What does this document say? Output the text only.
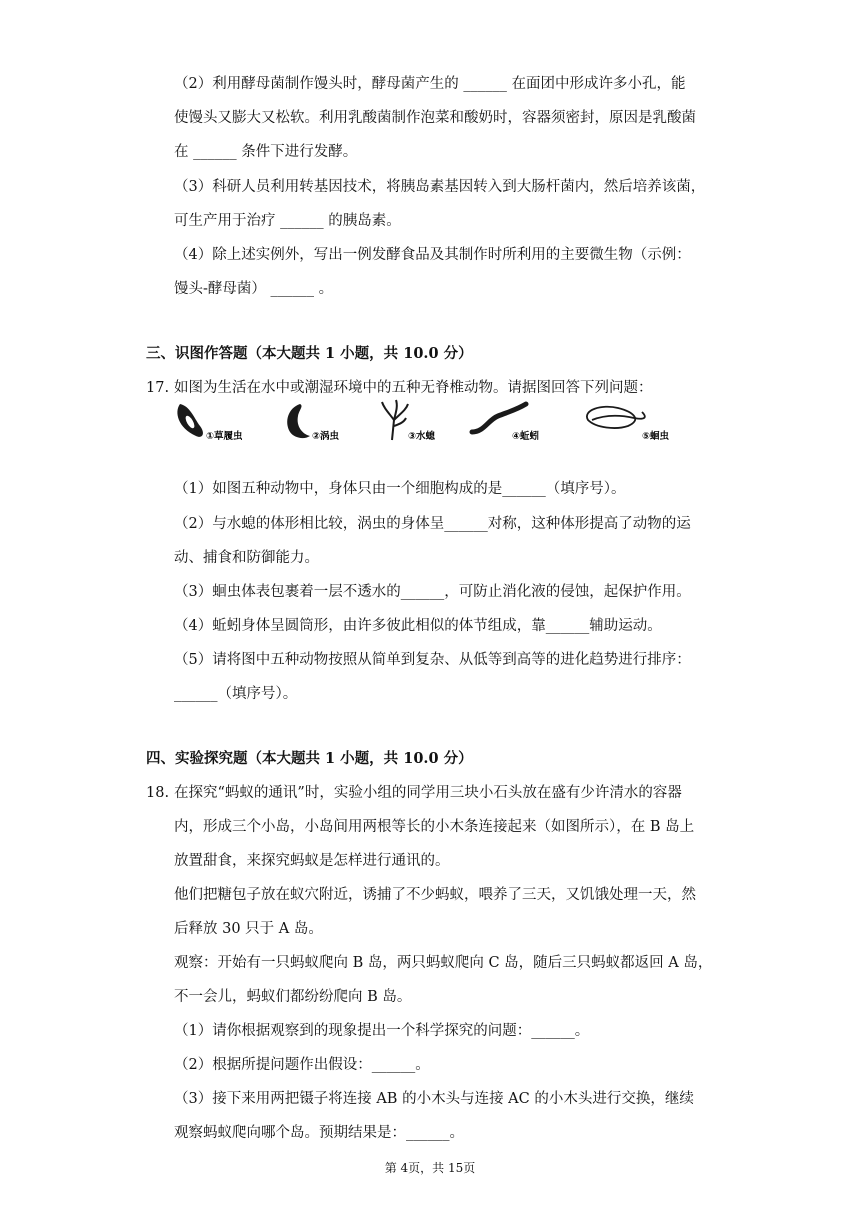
（2）利用酵母菌制作馒头时，酵母菌产生的 ______ 在面团中形成许多小孔，能
使馒头又膨大又松软。利用乳酸菌制作泡菜和酸奶时，容器须密封，原因是乳酸菌
在 ______ 条件下进行发酵。
（3）科研人员利用转基因技术，将胰岛素基因转入到大肠杆菌内，然后培养该菌，
可生产用于治疗 ______ 的胰岛素。
（4）除上述实例外，写出一例发酵食品及其制作时所利用的主要微生物（示例：
馒头-酵母菌） ______ 。
三、识图作答题（本大题共 1 小题，共 10.0 分）
17. 如图为生活在水中或潮湿环境中的五种无脊椎动物。请据图回答下列问题：
①草履虫	②涡虫	③水螅	④蚯蚓	⑤蛔虫
（1）如图五种动物中，身体只由一个细胞构成的是______（填序号）。
（2）与水螅的体形相比较，涡虫的身体呈______对称，这种体形提高了动物的运
动、捕食和防御能力。
（3）蛔虫体表包裹着一层不透水的______，可防止消化液的侵蚀，起保护作用。
（4）蚯蚓身体呈圆筒形，由许多彼此相似的体节组成，靠______辅助运动。
（5）请将图中五种动物按照从简单到复杂、从低等到高等的进化趋势进行排序：
______（填序号）。
四、实验探究题（本大题共 1 小题，共 10.0 分）
18. 在探究“蚂蚁的通讯”时，实验小组的同学用三块小石头放在盛有少许清水的容器
内，形成三个小岛，小岛间用两根等长的小木条连接起来（如图所示），在 B 岛上
放置甜食，来探究蚂蚁是怎样进行通讯的。
他们把糖包子放在蚁穴附近，诱捕了不少蚂蚁，喂养了三天，又饥饿处理一天，然
后释放 30 只于 A 岛。
观察：开始有一只蚂蚁爬向 B 岛，两只蚂蚁爬向 C 岛，随后三只蚂蚁都返回 A 岛，
不一会儿，蚂蚁们都纷纷爬向 B 岛。
（1）请你根据观察到的现象提出一个科学探究的问题：______。
（2）根据所提问题作出假设：______。
（3）接下来用两把镊子将连接 AB 的小木头与连接 AC 的小木头进行交换，继续
观察蚂蚁爬向哪个岛。预期结果是：______。
第 4页，共 15页
